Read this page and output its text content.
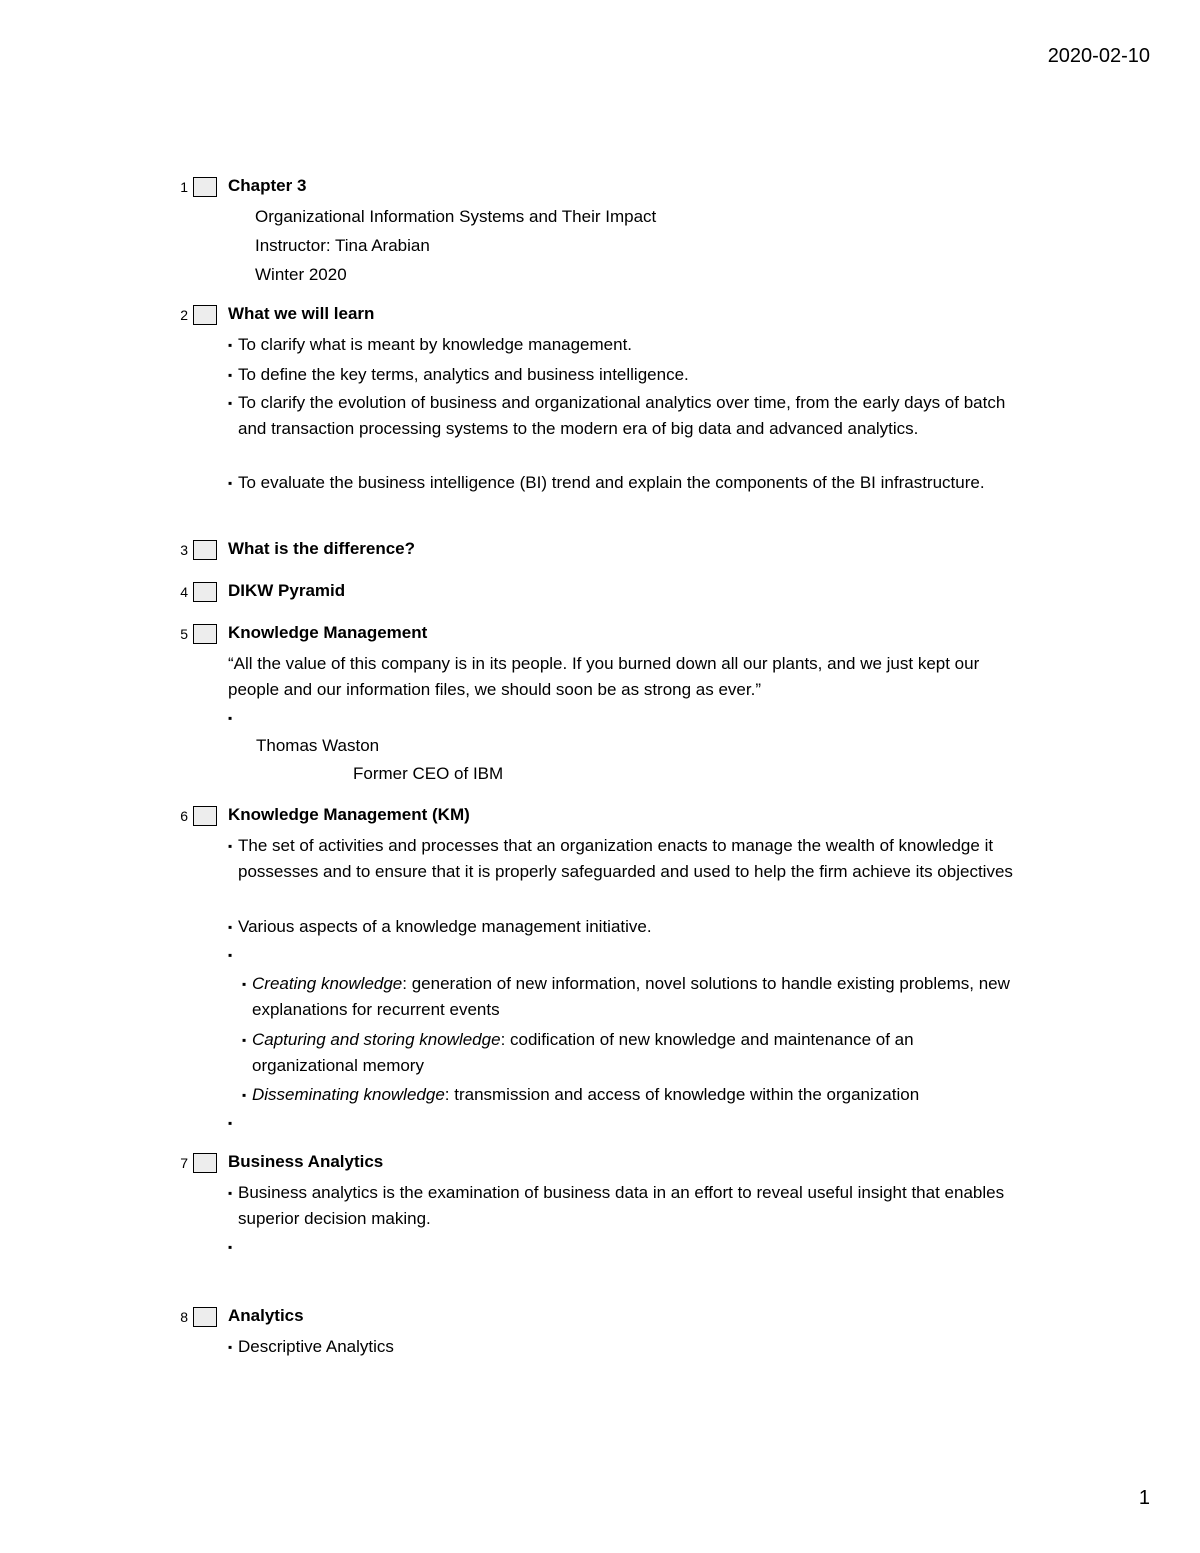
2020-02-10
1 Chapter 3
Organizational Information Systems and Their Impact
Instructor: Tina Arabian
Winter 2020
2 What we will learn
▪ To clarify what is meant by knowledge management.
▪ To define the key terms, analytics and business intelligence.
▪ To clarify the evolution of business and organizational analytics over time, from the early days of batch and transaction processing systems to the modern era of big data and advanced analytics.
▪ To evaluate the business intelligence (BI) trend and explain the components of the BI infrastructure.
3 What is the difference?
4 DIKW Pyramid
5 Knowledge Management
“All the value of this company is in its people. If you burned down all our plants, and we just kept our people and our information files, we should soon be as strong as ever.”
▪
Thomas Waston
Former CEO of IBM
6 Knowledge Management (KM)
▪ The set of activities and processes that an organization enacts to manage the wealth of knowledge it possesses and to ensure that it is properly safeguarded and used to help the firm achieve its objectives
▪ Various aspects of a knowledge management initiative.
▪
▪ Creating knowledge: generation of new information, novel solutions to handle existing problems, new explanations for recurrent events
▪ Capturing and storing knowledge: codification of new knowledge and maintenance of an organizational memory
▪ Disseminating knowledge: transmission and access of knowledge within the organization
▪
7 Business Analytics
▪ Business analytics is the examination of business data in an effort to reveal useful insight that enables superior decision making.
▪
8 Analytics
▪ Descriptive Analytics
1
